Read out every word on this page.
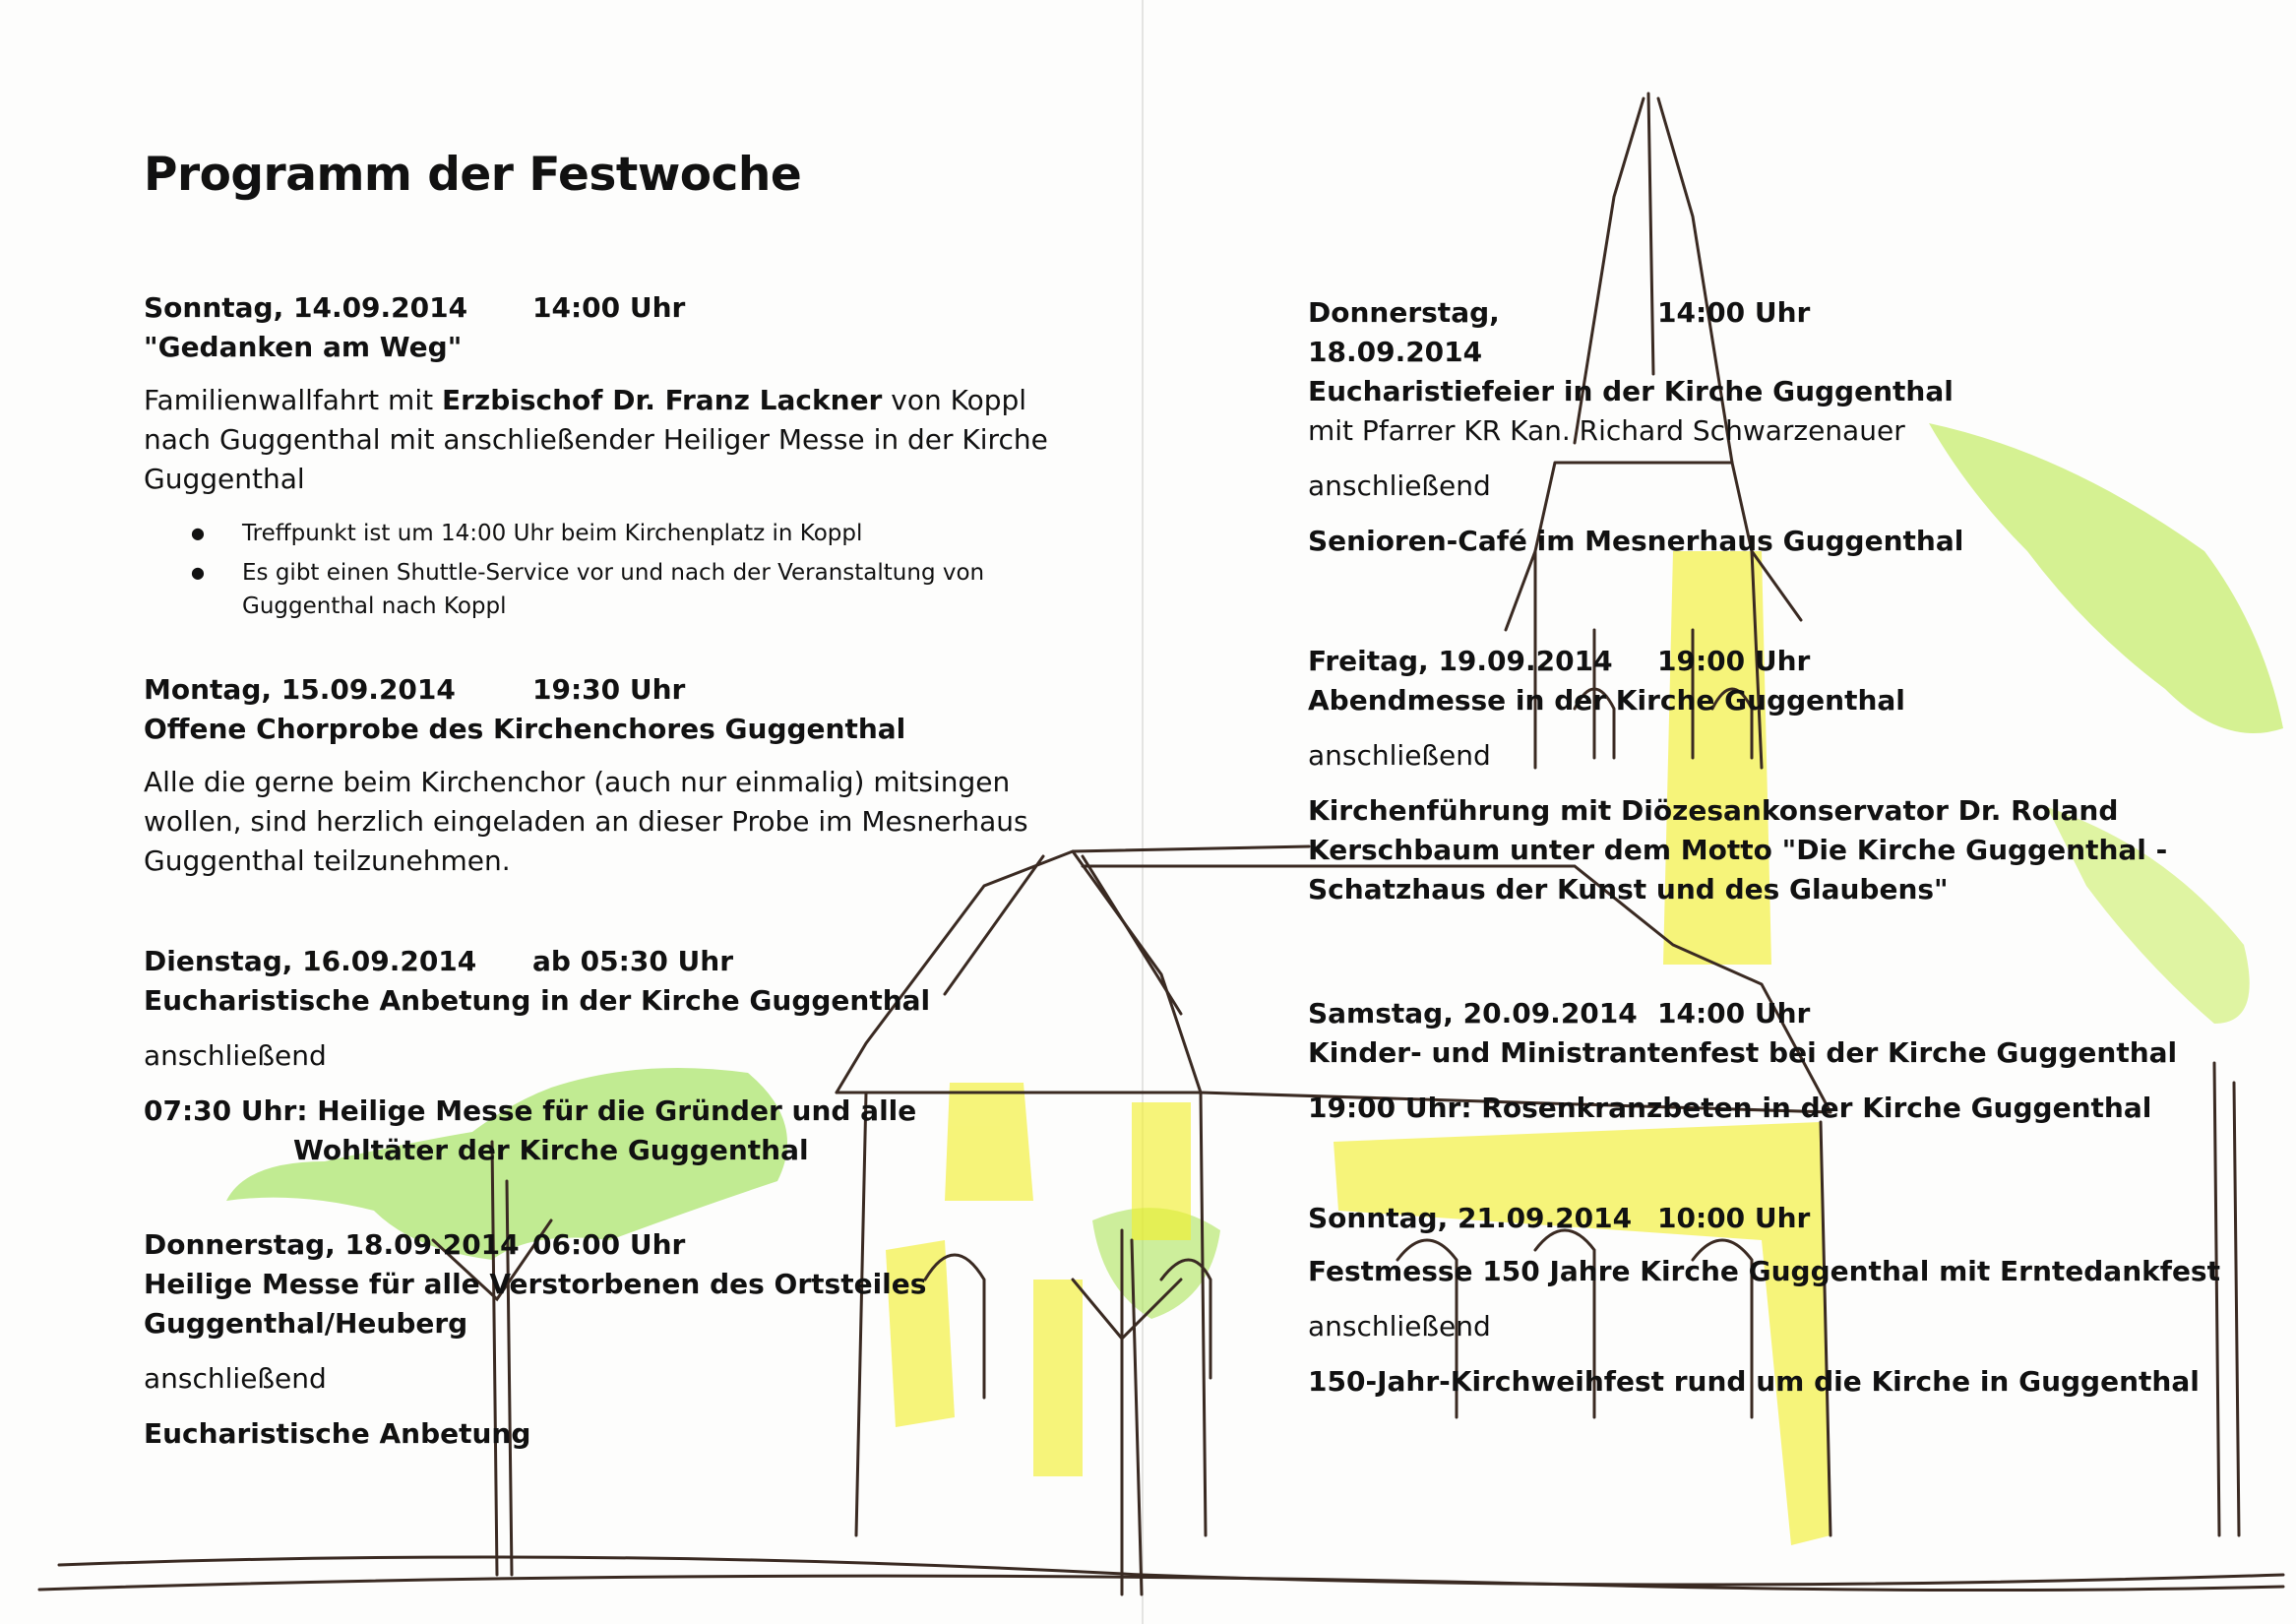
Programm der Festwoche
Sonntag, 14.09.2014	14:00 Uhr
"Gedanken am Weg"
Familienwallfahrt mit Erzbischof Dr. Franz Lackner von Koppl nach Guggenthal mit anschließender Heiliger Messe in der Kirche Guggenthal
● Treffpunkt ist um 14:00 Uhr beim Kirchenplatz in Koppl
● Es gibt einen Shuttle-Service vor und nach der Veranstaltung von Guggenthal nach Koppl
Montag, 15.09.2014	19:30 Uhr
Offene Chorprobe des Kirchenchores Guggenthal
Alle die gerne beim Kirchenchor (auch nur einmalig) mitsingen wollen, sind herzlich eingeladen an dieser Probe im Mesnerhaus Guggenthal teilzunehmen.
Dienstag, 16.09.2014	ab 05:30 Uhr
Eucharistische Anbetung in der Kirche Guggenthal
anschließend
07:30 Uhr: Heilige Messe für die Gründer und alle
Wohltäter der Kirche Guggenthal
Donnerstag, 18.09.2014 06:00 Uhr
Heilige Messe für alle Verstorbenen des Ortsteiles Guggenthal/Heuberg
anschließend
Eucharistische Anbetung
Donnerstag, 18.09.2014
14:00 Uhr
Eucharistiefeier in der Kirche Guggenthal
mit Pfarrer KR Kan. Richard Schwarzenauer
anschließend
Senioren-Café im Mesnerhaus Guggenthal
Freitag, 19.09.2014	19:00 Uhr
Abendmesse in der Kirche Guggenthal
anschließend
Kirchenführung mit Diözesankonservator Dr. Roland Kerschbaum unter dem Motto "Die Kirche Guggenthal - Schatzhaus der Kunst und des Glaubens"
Samstag, 20.09.2014 14:00 Uhr
Kinder- und Ministrantenfest bei der Kirche Guggenthal
19:00 Uhr: Rosenkranzbeten in der Kirche Guggenthal
Sonntag, 21.09.2014 10:00 Uhr
Festmesse 150 Jahre Kirche Guggenthal mit Erntedankfest
anschließend
150-Jahr-Kirchweihfest rund um die Kirche in Guggenthal
